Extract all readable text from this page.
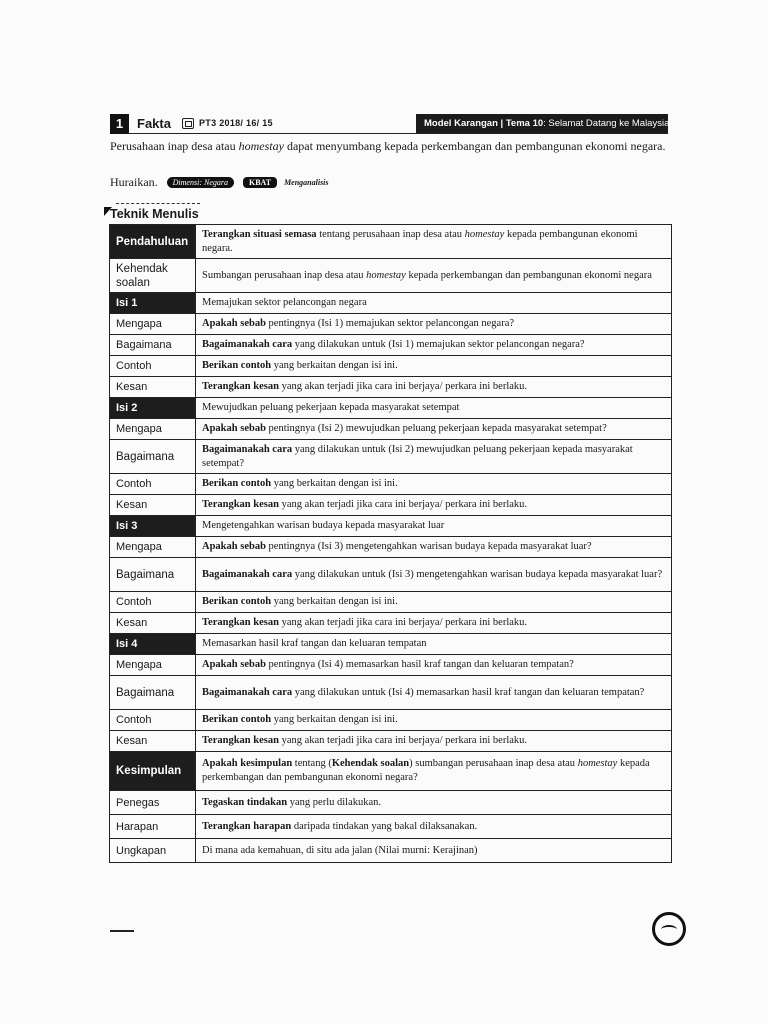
1	Fakta	PT3 2018/ 16/ 15	Model Karangan | Tema 10: Selamat Datang ke Malaysia
Perusahaan inap desa atau homestay dapat menyumbang kepada perkembangan dan pembangunan ekonomi negara.
Huraikan. Dimensi: Negara	KBAT Menganalisis
Teknik Menulis
Pendahuluan	Terangkan situasi semasa tentang perusahaan inap desa atau homestay kepada pembangunan ekonomi negara.
Kehendak soalan	Sumbangan perusahaan inap desa atau homestay kepada perkembangan dan pembangunan ekonomi negara
Isi 1	Memajukan sektor pelancongan negara
Mengapa	Apakah sebab pentingnya (Isi 1) memajukan sektor pelancongan negara?
Bagaimana	Bagaimanakah cara yang dilakukan untuk (Isi 1) memajukan sektor pelancongan negara?
Contoh	Berikan contoh yang berkaitan dengan isi ini.
Kesan	Terangkan kesan yang akan terjadi jika cara ini berjaya/ perkara ini berlaku.
Isi 2	Mewujudkan peluang pekerjaan kepada masyarakat setempat
Mengapa	Apakah sebab pentingnya (Isi 2) mewujudkan peluang pekerjaan kepada masyarakat setempat?
Bagaimana	Bagaimanakah cara yang dilakukan untuk (Isi 2) mewujudkan peluang pekerjaan kepada masyarakat setempat?
Contoh	Berikan contoh yang berkaitan dengan isi ini.
Kesan	Terangkan kesan yang akan terjadi jika cara ini berjaya/ perkara ini berlaku.
Isi 3	Mengetengahkan warisan budaya kepada masyarakat luar
Mengapa	Apakah sebab pentingnya (Isi 3) mengetengahkan warisan budaya kepada masyarakat luar?
Bagaimana	Bagaimanakah cara yang dilakukan untuk (Isi 3) mengetengahkan warisan budaya kepada masyarakat luar?
Contoh	Berikan contoh yang berkaitan dengan isi ini.
Kesan	Terangkan kesan yang akan terjadi jika cara ini berjaya/ perkara ini berlaku.
Isi 4	Memasarkan hasil kraf tangan dan keluaran tempatan
Mengapa	Apakah sebab pentingnya (Isi 4) memasarkan hasil kraf tangan dan keluaran tempatan?
Bagaimana	Bagaimanakah cara yang dilakukan untuk (Isi 4) memasarkan hasil kraf tangan dan keluaran tempatan?
Contoh	Berikan contoh yang berkaitan dengan isi ini.
Kesan	Terangkan kesan yang akan terjadi jika cara ini berjaya/ perkara ini berlaku.
Kesimpulan	Apakah kesimpulan tentang (Kehendak soalan) sumbangan perusahaan inap desa atau homestay kepada perkembangan dan pembangunan ekonomi negara?
Penegas	Tegaskan tindakan yang perlu dilakukan.
Harapan	Terangkan harapan daripada tindakan yang bakal dilaksanakan.
Ungkapan	Di mana ada kemahuan, di situ ada jalan (Nilai murni: Kerajinan)
